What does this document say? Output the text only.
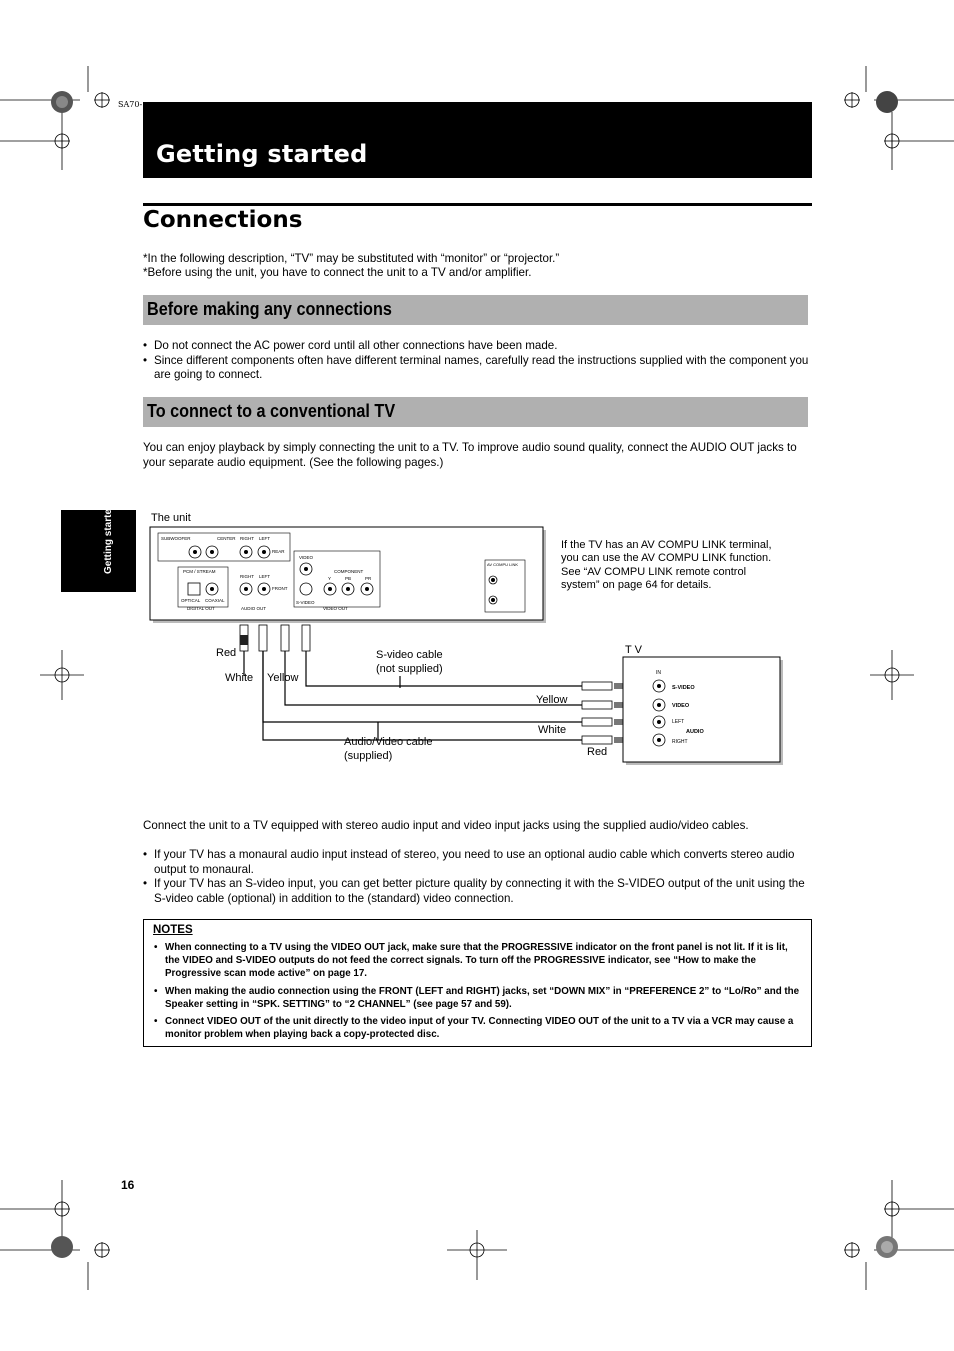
SA70-
Getting started
Connections
*In the following description, “TV” may be substituted with “monitor” or “projector.”
*Before using the unit, you have to connect the unit to a TV and/or amplifier.
Before making any connections
• Do not connect the AC power cord until all other connections have been made.
• Since different components often have different terminal names, carefully read the instructions supplied with the component you are going to connect.
To connect to a conventional TV
You can enjoy playback by simply connecting the unit to a TV. To improve audio sound quality, connect the AUDIO OUT jacks to your separate audio equipment. (See the following pages.)
Getting started	The unit
SUBWOOFER	CENTER RIGHT LEFT
REAR
RIGHT LEFT
FRONT
PCM / STREAM
OPTICAL COAXIAL
DIGITAL OUT	AUDIO OUT
VIDEO
COMPONENT
Y	PB	PR
S-VIDEO
VIDEO OUT
AV COMPU LINK
Red
White Yellow
S-video cable
(not supplied)
Audio/Video cable
(supplied)
If the TV has an AV COMPU LINK terminal,
you can use the AV COMPU LINK function.
See “AV COMPU LINK remote control
system” on page 64 for details.
Yellow
White
Red
T V
IN
S-VIDEO
VIDEO
LEFT
AUDIO
RIGHT
Connect the unit to a TV equipped with stereo audio input and video input jacks using the supplied audio/video cables.
• If your TV has a monaural audio input instead of stereo, you need to use an optional audio cable which converts stereo audio output to monaural.
• If your TV has an S-video input, you can get better picture quality by connecting it with the S-VIDEO output of the unit using the S-video cable (optional) in addition to the (standard) video connection.
NOTES
• When connecting to a TV using the VIDEO OUT jack, make sure that the PROGRESSIVE indicator on the front panel is not lit. If it is lit, the VIDEO and S-VIDEO outputs do not feed the correct signals. To turn off the PROGRESSIVE indicator, see “How to make the Progressive scan mode active” on page 17.
• When making the audio connection using the FRONT (LEFT and RIGHT) jacks, set “DOWN MIX” in “PREFERENCE 2” to “Lo/Ro” and the Speaker setting in “SPK. SETTING” to “2 CHANNEL” (see page 57 and 59).
• Connect VIDEO OUT of the unit directly to the video input of your TV. Connecting VIDEO OUT of the unit to a TV via a VCR may cause a monitor problem when playing back a copy-protected disc.
16
